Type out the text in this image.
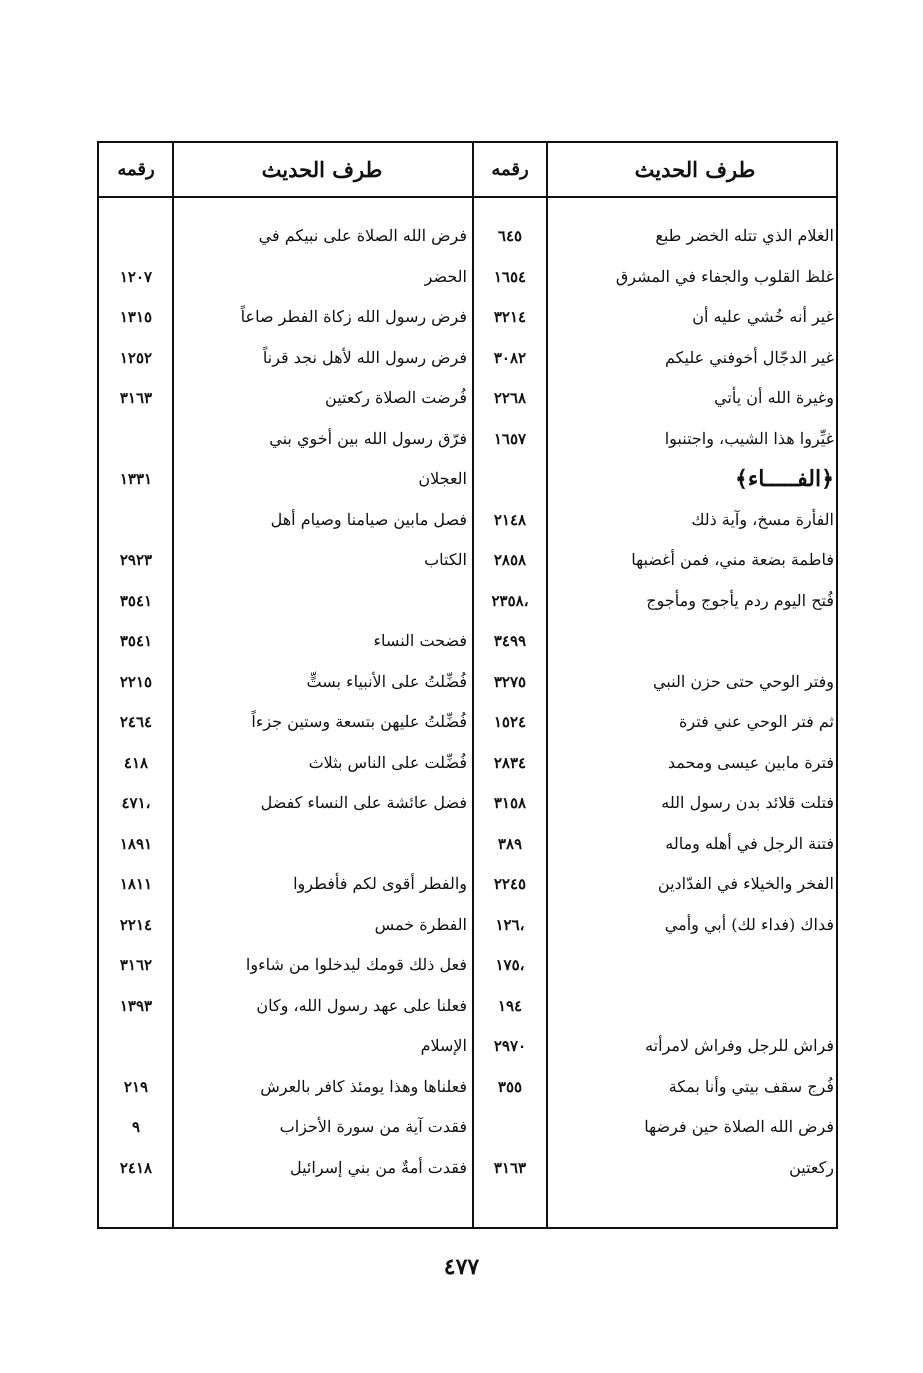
طرف الحديث
رقمه
طرف الحديث
رقمه
الغلام الذي تتله الخضر طبع
٦٤٥
غلظ القلوب والجفاء في المشرق
١٦٥٤
غير أنه خُشي عليه أن
٣٢١٤
غير الدجّال أخوفني عليكم
٣٠٨٢
وغيرة الله أن يأتي
٢٢٦٨
غيِّروا هذا الشيب، واجتنبوا
١٦٥٧
﴿الفـــــاء﴾
الفأرة مسخ، وآية ذلك
٢١٤٨
فاطمة بضعة مني، فمن أغضبها
٢٨٥٨
فُتح اليوم ردم يأجوج ومأجوج
٢٣٥٨،
٣٤٩٩
وفتر الوحي حتى حزن النبي
٣٢٧٥
ثم فتر الوحي عني فترة
١٥٢٤
فترة مابين عيسى ومحمد
٢٨٣٤
فتلت قلائد بدن رسول الله
٣١٥٨
فتنة الرجل في أهله وماله
٣٨٩
الفخر والخيلاء في الفدّادين
٢٢٤٥
فداك (فداء لك) أبي وأمي
١٢٦،
١٧٥،
١٩٤
فراش للرجل وفراش لامرأته
٢٩٧٠
فُرج سقف بيتي وأنا بمكة
٣٥٥
فرض الله الصلاة حين فرضها
ركعتين
٣١٦٣
فرض الله الصلاة على نبيكم في
الحضر
١٢٠٧
فرض رسول الله زكاة الفطر صاعاً
١٣١٥
فرض رسول الله لأهل نجد قرناً
١٢٥٢
فُرضت الصلاة ركعتين
٣١٦٣
فرّق رسول الله بين أخوي بني
العجلان
١٣٣١
فصل مابين صيامنا وصيام أهل
الكتاب
٢٩٢٣
٣٥٤١
فضحت النساء
٣٥٤١
فُضِّلتُ على الأنبياء بستٍّ
٢٢١٥
فُضِّلتُ عليهن بتسعة وستين جزءاً
٢٤٦٤
فُضِّلت على الناس بثلاث
٤١٨
فضل عائشة على النساء كفضل
٤٧١،
١٨٩١
والفطر أقوى لكم فأفطروا
١٨١١
الفطرة خمس
٢٢١٤
فعل ذلك قومك ليدخلوا من شاءوا
٣١٦٢
فعلنا على عهد رسول الله، وكان
١٣٩٣
الإسلام
فعلناها وهذا يومئذ كافر بالعرش
٢١٩
فقدت آية من سورة الأحزاب
٩
فقدت أمةٌ من بني إسرائيل
٢٤١٨
٤٧٧
